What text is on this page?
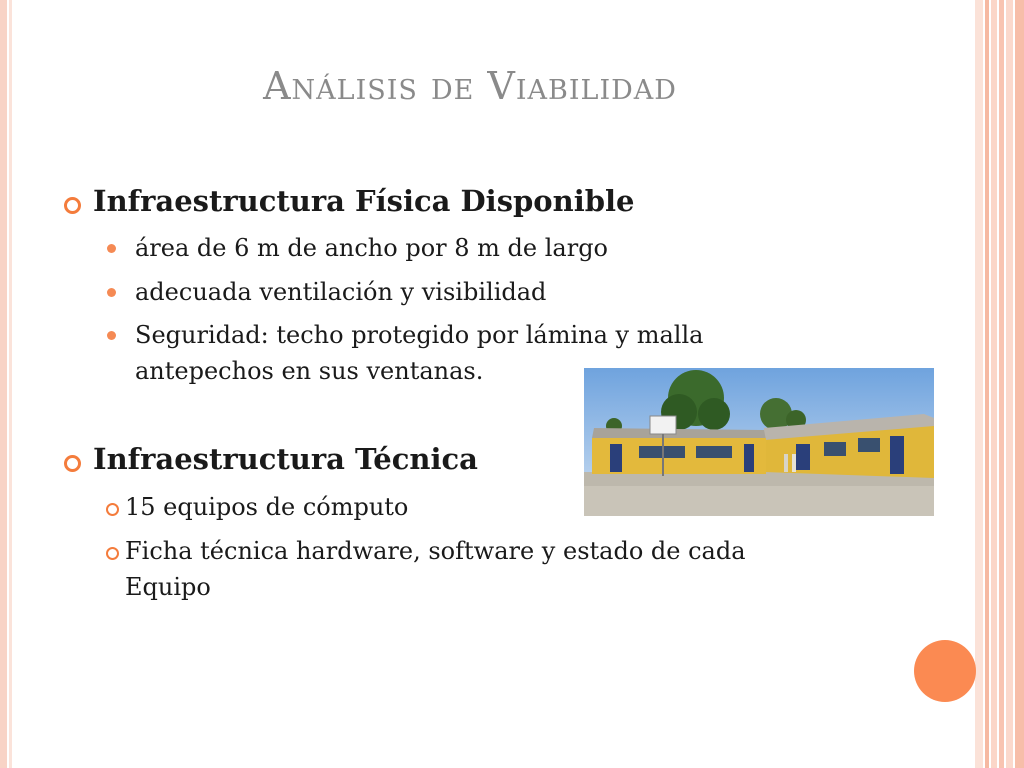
Análisis de Viabilidad
Infraestructura Física Disponible
área de 6 m de ancho por 8 m de largo
adecuada ventilación y visibilidad
Seguridad: techo protegido por lámina y malla
antepechos en sus ventanas.
Infraestructura Técnica
15 equipos de cómputo
Ficha técnica hardware, software y estado de cada
Equipo
